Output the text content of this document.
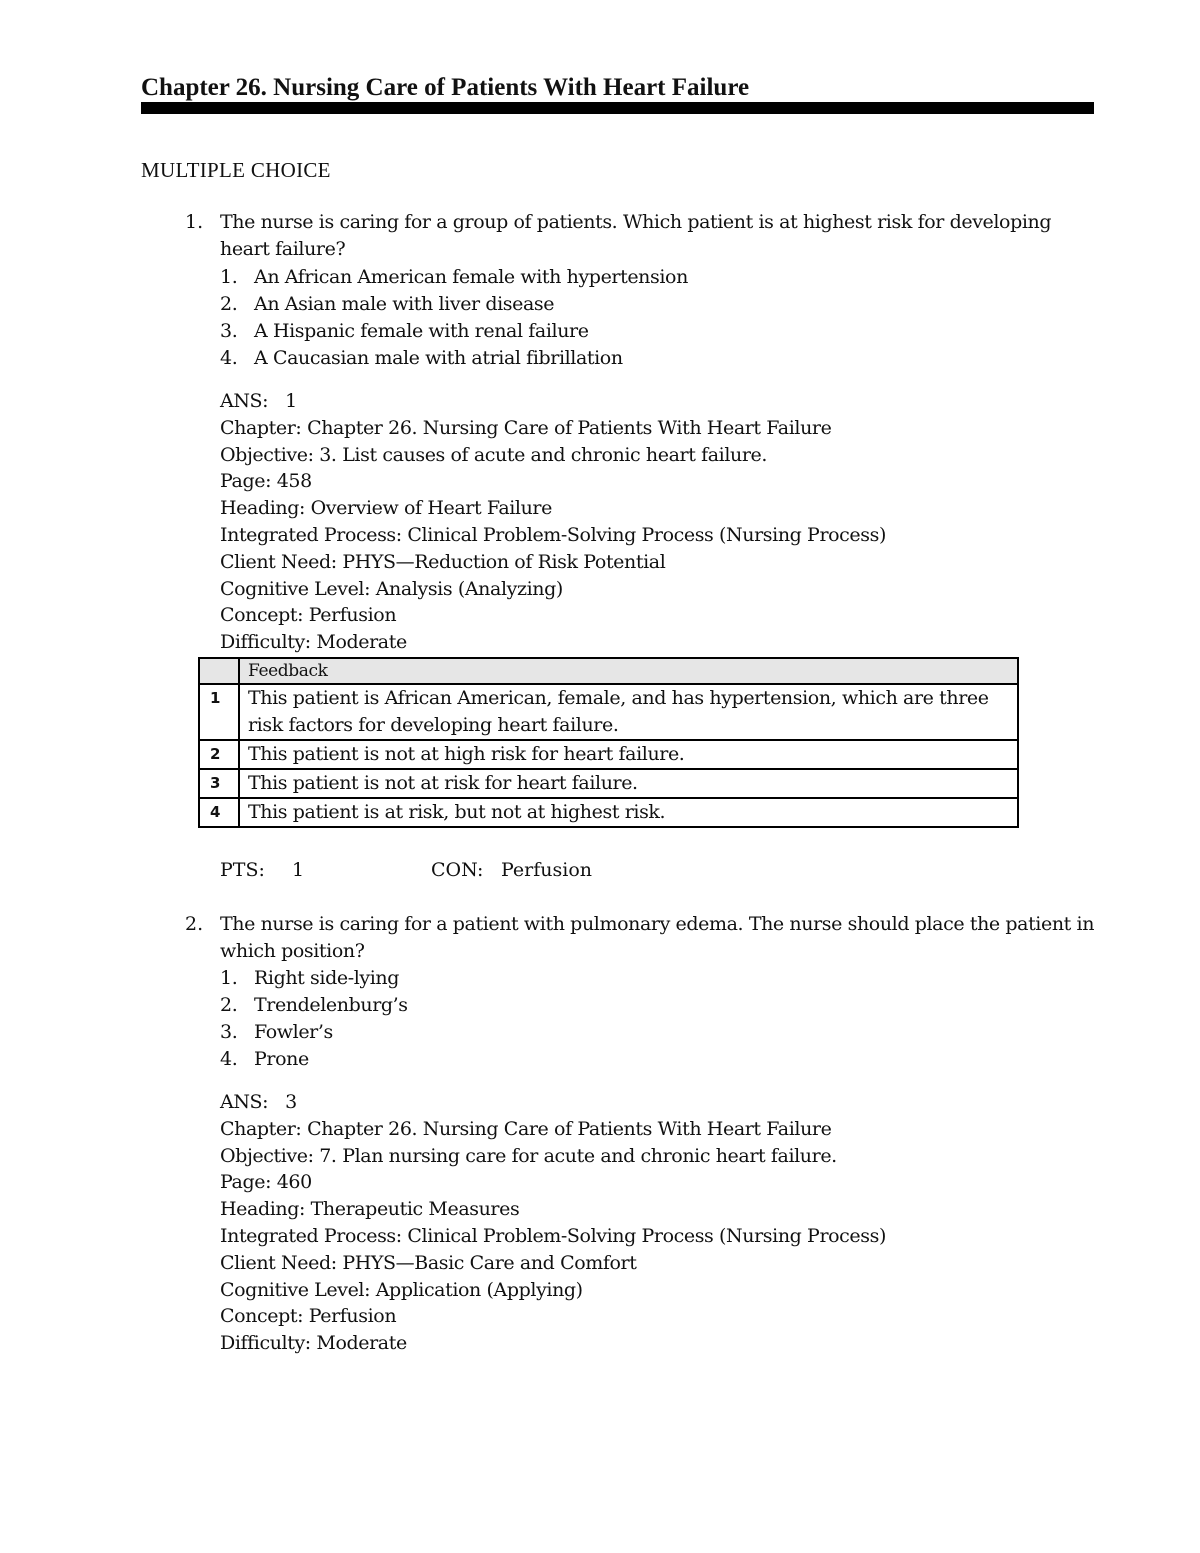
Chapter 26. Nursing Care of Patients With Heart Failure
MULTIPLE CHOICE
1. The nurse is caring for a group of patients. Which patient is at highest risk for developing heart failure?
1. An African American female with hypertension
2. An Asian male with liver disease
3. A Hispanic female with renal failure
4. A Caucasian male with atrial fibrillation
ANS:   1
Chapter: Chapter 26. Nursing Care of Patients With Heart Failure
Objective: 3. List causes of acute and chronic heart failure.
Page: 458
Heading: Overview of Heart Failure
Integrated Process: Clinical Problem-Solving Process (Nursing Process)
Client Need: PHYS—Reduction of Risk Potential
Cognitive Level: Analysis (Analyzing)
Concept: Perfusion
Difficulty: Moderate
	Feedback
1	This patient is African American, female, and has hypertension, which are three risk factors for developing heart failure.
2	This patient is not at high risk for heart failure.
3	This patient is not at risk for heart failure.
4	This patient is at risk, but not at highest risk.
PTS: 1	CON: Perfusion
2. The nurse is caring for a patient with pulmonary edema. The nurse should place the patient in which position?
1. Right side-lying
2. Trendelenburg’s
3. Fowler’s
4. Prone
ANS:   3
Chapter: Chapter 26. Nursing Care of Patients With Heart Failure
Objective: 7. Plan nursing care for acute and chronic heart failure.
Page: 460
Heading: Therapeutic Measures
Integrated Process: Clinical Problem-Solving Process (Nursing Process)
Client Need: PHYS—Basic Care and Comfort
Cognitive Level: Application (Applying)
Concept: Perfusion
Difficulty: Moderate
